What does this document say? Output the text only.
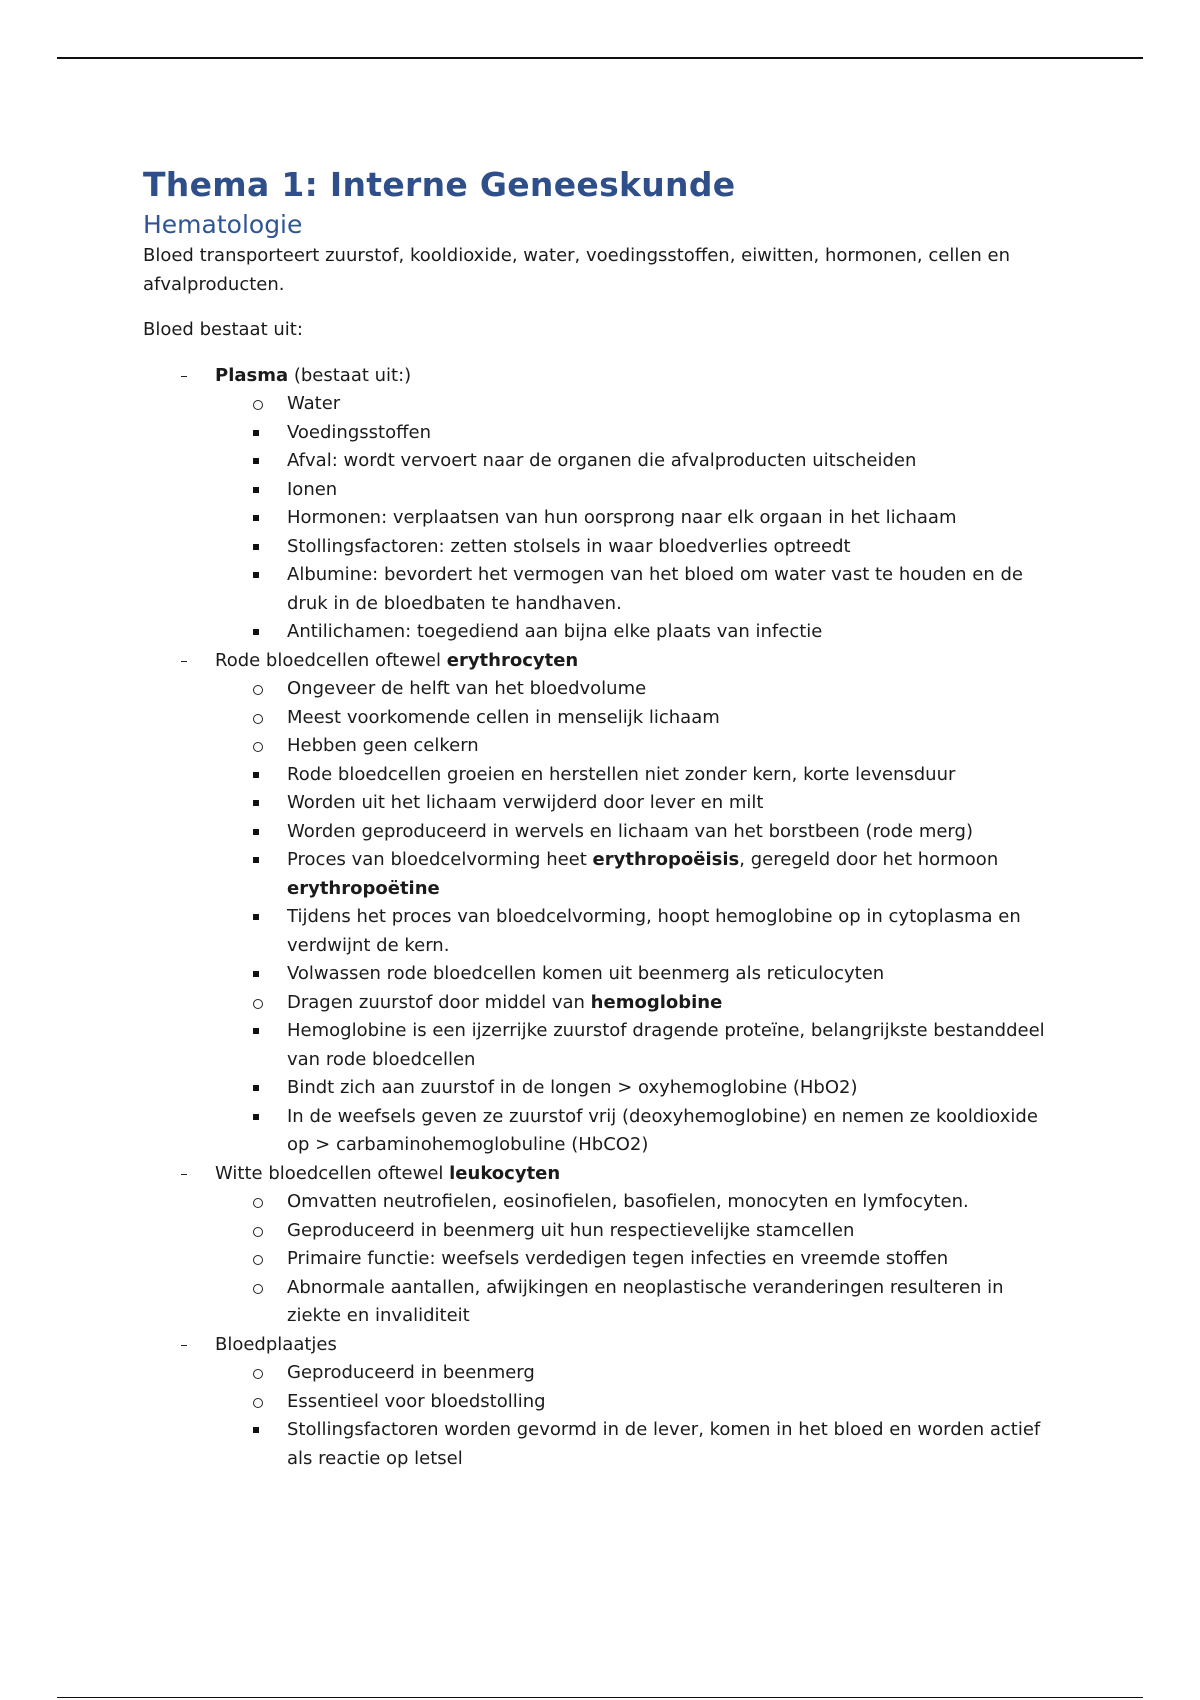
Thema 1: Interne Geneeskunde
Hematologie

Bloed transporteert zuurstof, kooldioxide, water, voedingsstoffen, eiwitten, hormonen, cellen en afvalproducten.

Bloed bestaat uit:

Plasma (bestaat uit:)
Water
Voedingsstoffen
Afval: wordt vervoert naar de organen die afvalproducten uitscheiden
Ionen
Hormonen: verplaatsen van hun oorsprong naar elk orgaan in het lichaam
Stollingsfactoren: zetten stolsels in waar bloedverlies optreedt
Albumine: bevordert het vermogen van het bloed om water vast te houden en de druk in de bloedbaten te handhaven.
Antilichamen: toegediend aan bijna elke plaats van infectie
Rode bloedcellen oftewel erythrocyten
Ongeveer de helft van het bloedvolume
Meest voorkomende cellen in menselijk lichaam
Hebben geen celkern
Rode bloedcellen groeien en herstellen niet zonder kern, korte levensduur
Worden uit het lichaam verwijderd door lever en milt
Worden geproduceerd in wervels en lichaam van het borstbeen (rode merg)
Proces van bloedcelvorming heet erythropoëisis, geregeld door het hormoon erythropoëtine
Tijdens het proces van bloedcelvorming, hoopt hemoglobine op in cytoplasma en verdwijnt de kern.
Volwassen rode bloedcellen komen uit beenmerg als reticulocyten
Dragen zuurstof door middel van hemoglobine
Hemoglobine is een ijzerrijke zuurstof dragende proteïne, belangrijkste bestanddeel van rode bloedcellen
Bindt zich aan zuurstof in de longen > oxyhemoglobine (HbO2)
In de weefsels geven ze zuurstof vrij (deoxyhemoglobine) en nemen ze kooldioxide op > carbaminohemoglobuline (HbCO2)
Witte bloedcellen oftewel leukocyten
Omvatten neutrofielen, eosinofielen, basofielen, monocyten en lymfocyten.
Geproduceerd in beenmerg uit hun respectievelijke stamcellen
Primaire functie: weefsels verdedigen tegen infecties en vreemde stoffen
Abnormale aantallen, afwijkingen en neoplastische veranderingen resulteren in ziekte en invaliditeit
Bloedplaatjes
Geproduceerd in beenmerg
Essentieel voor bloedstolling
Stollingsfactoren worden gevormd in de lever, komen in het bloed en worden actief als reactie op letsel
